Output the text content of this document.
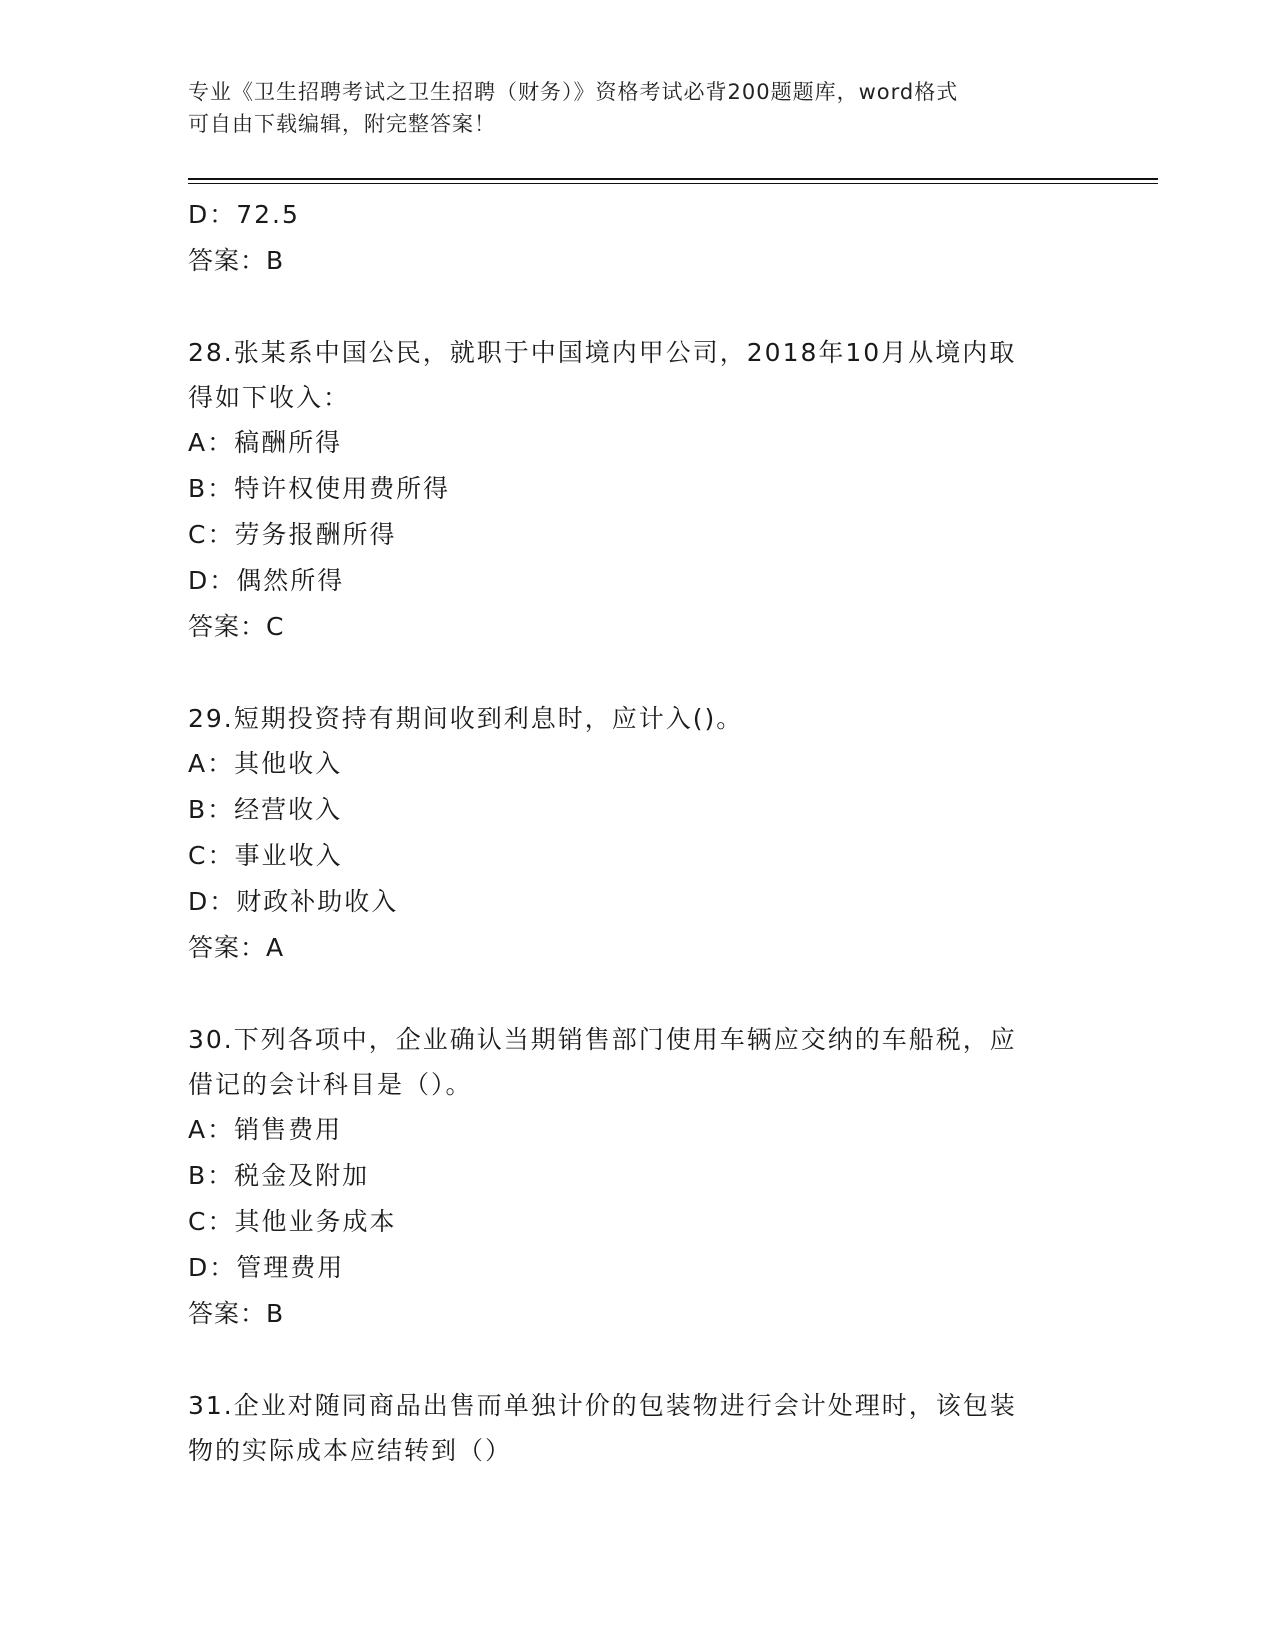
专业《卫生招聘考试之卫生招聘（财务）》资格考试必背200题题库，word格式
可自由下载编辑，附完整答案！
D：72.5
答案：B
28.张某系中国公民，就职于中国境内甲公司，2018年10月从境内取
得如下收入：
A：稿酬所得
B：特许权使用费所得
C：劳务报酬所得
D：偶然所得
答案：C
29.短期投资持有期间收到利息时，应计入()。
A：其他收入
B：经营收入
C：事业收入
D：财政补助收入
答案：A
30.下列各项中，企业确认当期销售部门使用车辆应交纳的车船税，应
借记的会计科目是（）。
A：销售费用
B：税金及附加
C：其他业务成本
D：管理费用
答案：B
31.企业对随同商品出售而单独计价的包装物进行会计处理时，该包装
物的实际成本应结转到（）
